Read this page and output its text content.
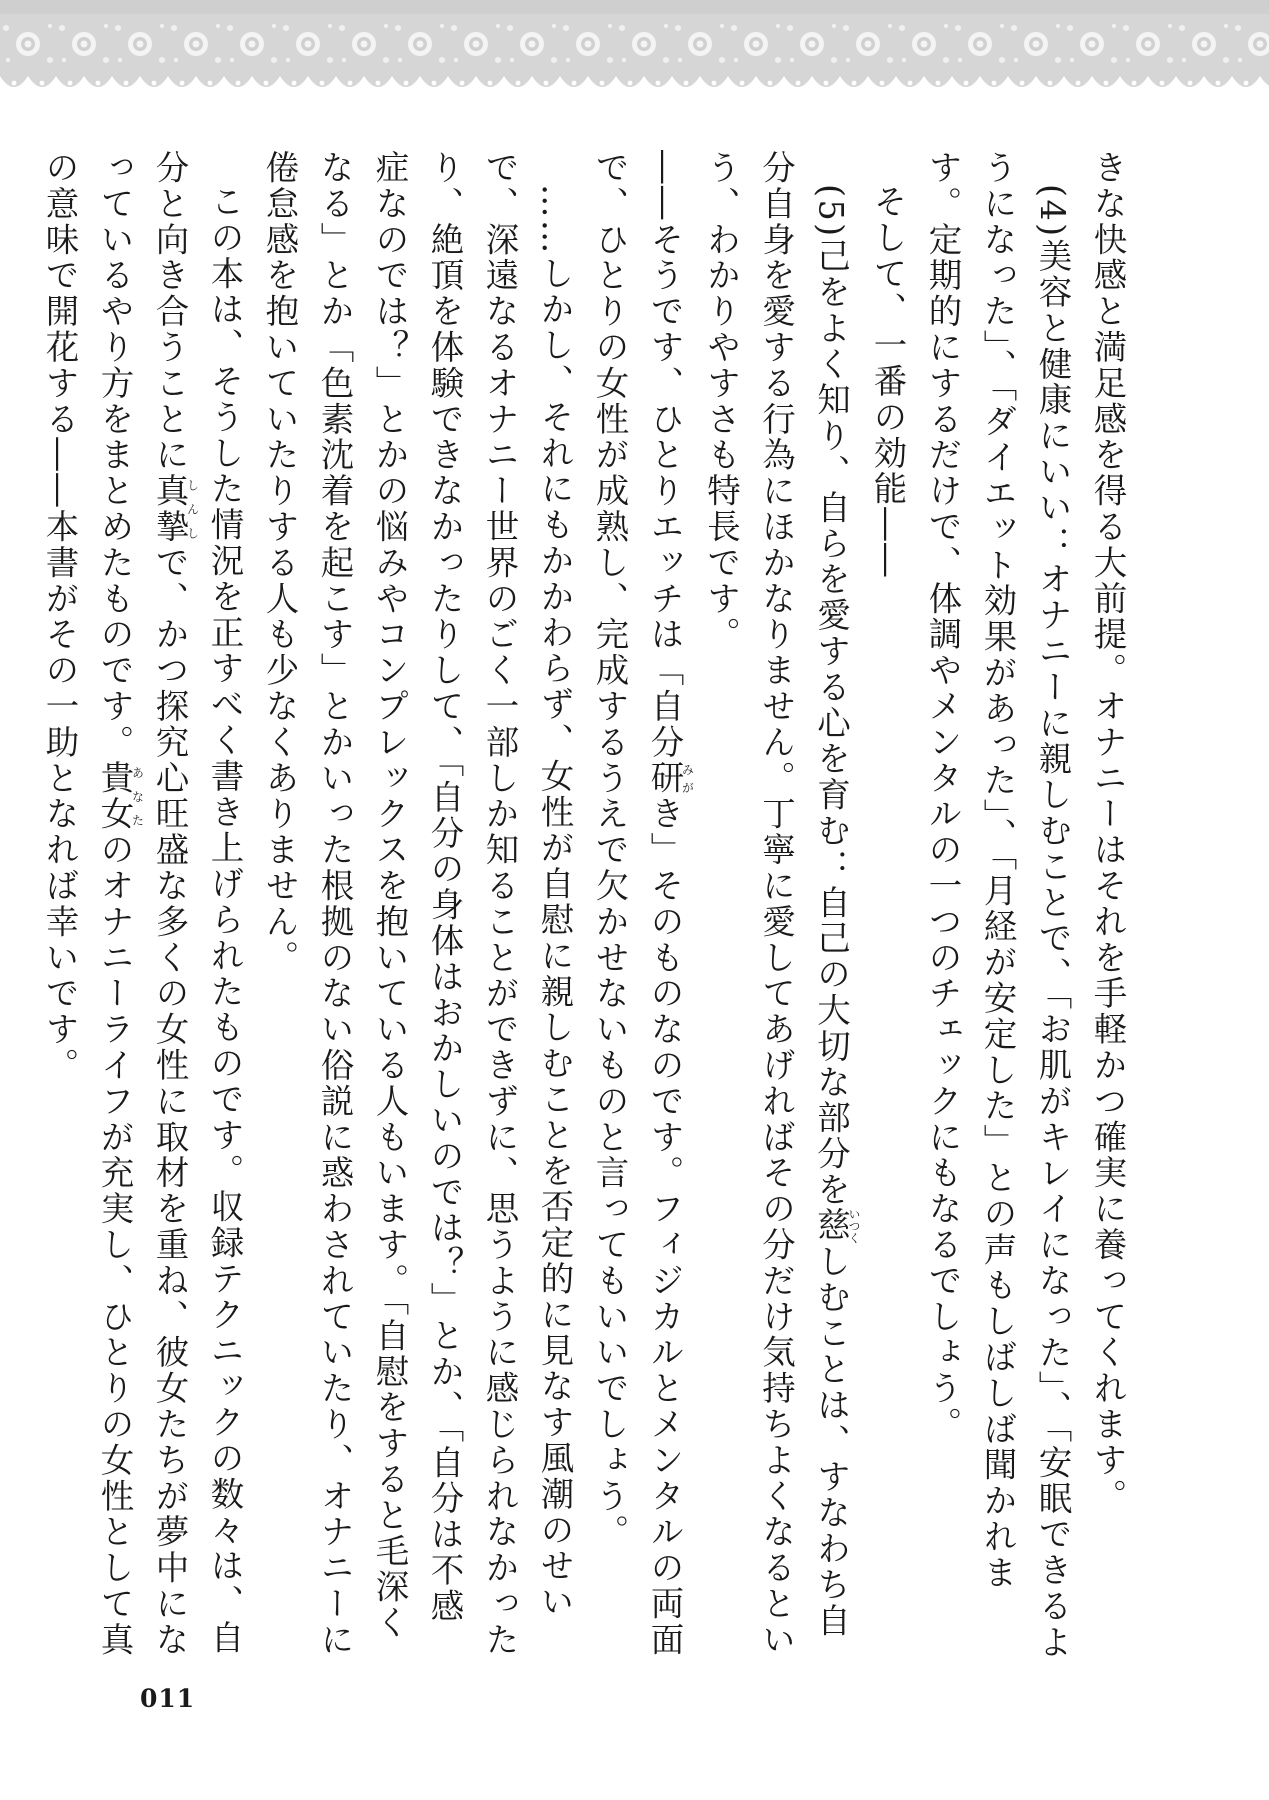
きな快感と満足感を得る大前提。オナニーはそれを手軽かつ確実に養ってくれます。

(4)美容と健康にいい：オナニーに親しむことで、「お肌がキレイになった」、「安眠できるようになった」、「ダイエット効果があった」、「月経が安定した」との声もしばしば聞かれます。定期的にするだけで、体調やメンタルの一つのチェックにもなるでしょう。

そして、一番の効能――

(5)己をよく知り、自らを愛する心を育む：自己の大切な部分を慈いつくしむことは、すなわち自分自身を愛する行為にほかなりません。丁寧に愛してあげればその分だけ気持ちよくなるという、わかりやすさも特長です。

――そうです、ひとりエッチは「自分研みがき」そのものなのです。フィジカルとメンタルの両面で、ひとりの女性が成熟し、完成するうえで欠かせないものと言ってもいいでしょう。

……しかし、それにもかかわらず、女性が自慰に親しむことを否定的に見なす風潮のせいで、深遠なるオナニー世界のごく一部しか知ることができずに、思うように感じられなかったり、絶頂を体験できなかったりして、「自分の身体はおかしいのでは？」とか、「自分は不感症なのでは？」とかの悩みやコンプレックスを抱いている人もいます。「自慰をすると毛深くなる」とか「色素沈着を起こす」とかいった根拠のない俗説に惑わされていたり、オナニーに倦怠感を抱いていたりする人も少なくありません。

この本は、そうした情況を正すべく書き上げられたものです。収録テクニックの数々は、自分と向き合うことに真摯しんしで、かつ探究心旺盛な多くの女性に取材を重ね、彼女たちが夢中になっているやり方をまとめたものです。貴女あなたのオナニーライフが充実し、ひとりの女性として真の意味で開花する――本書がその一助となれば幸いです。

011
